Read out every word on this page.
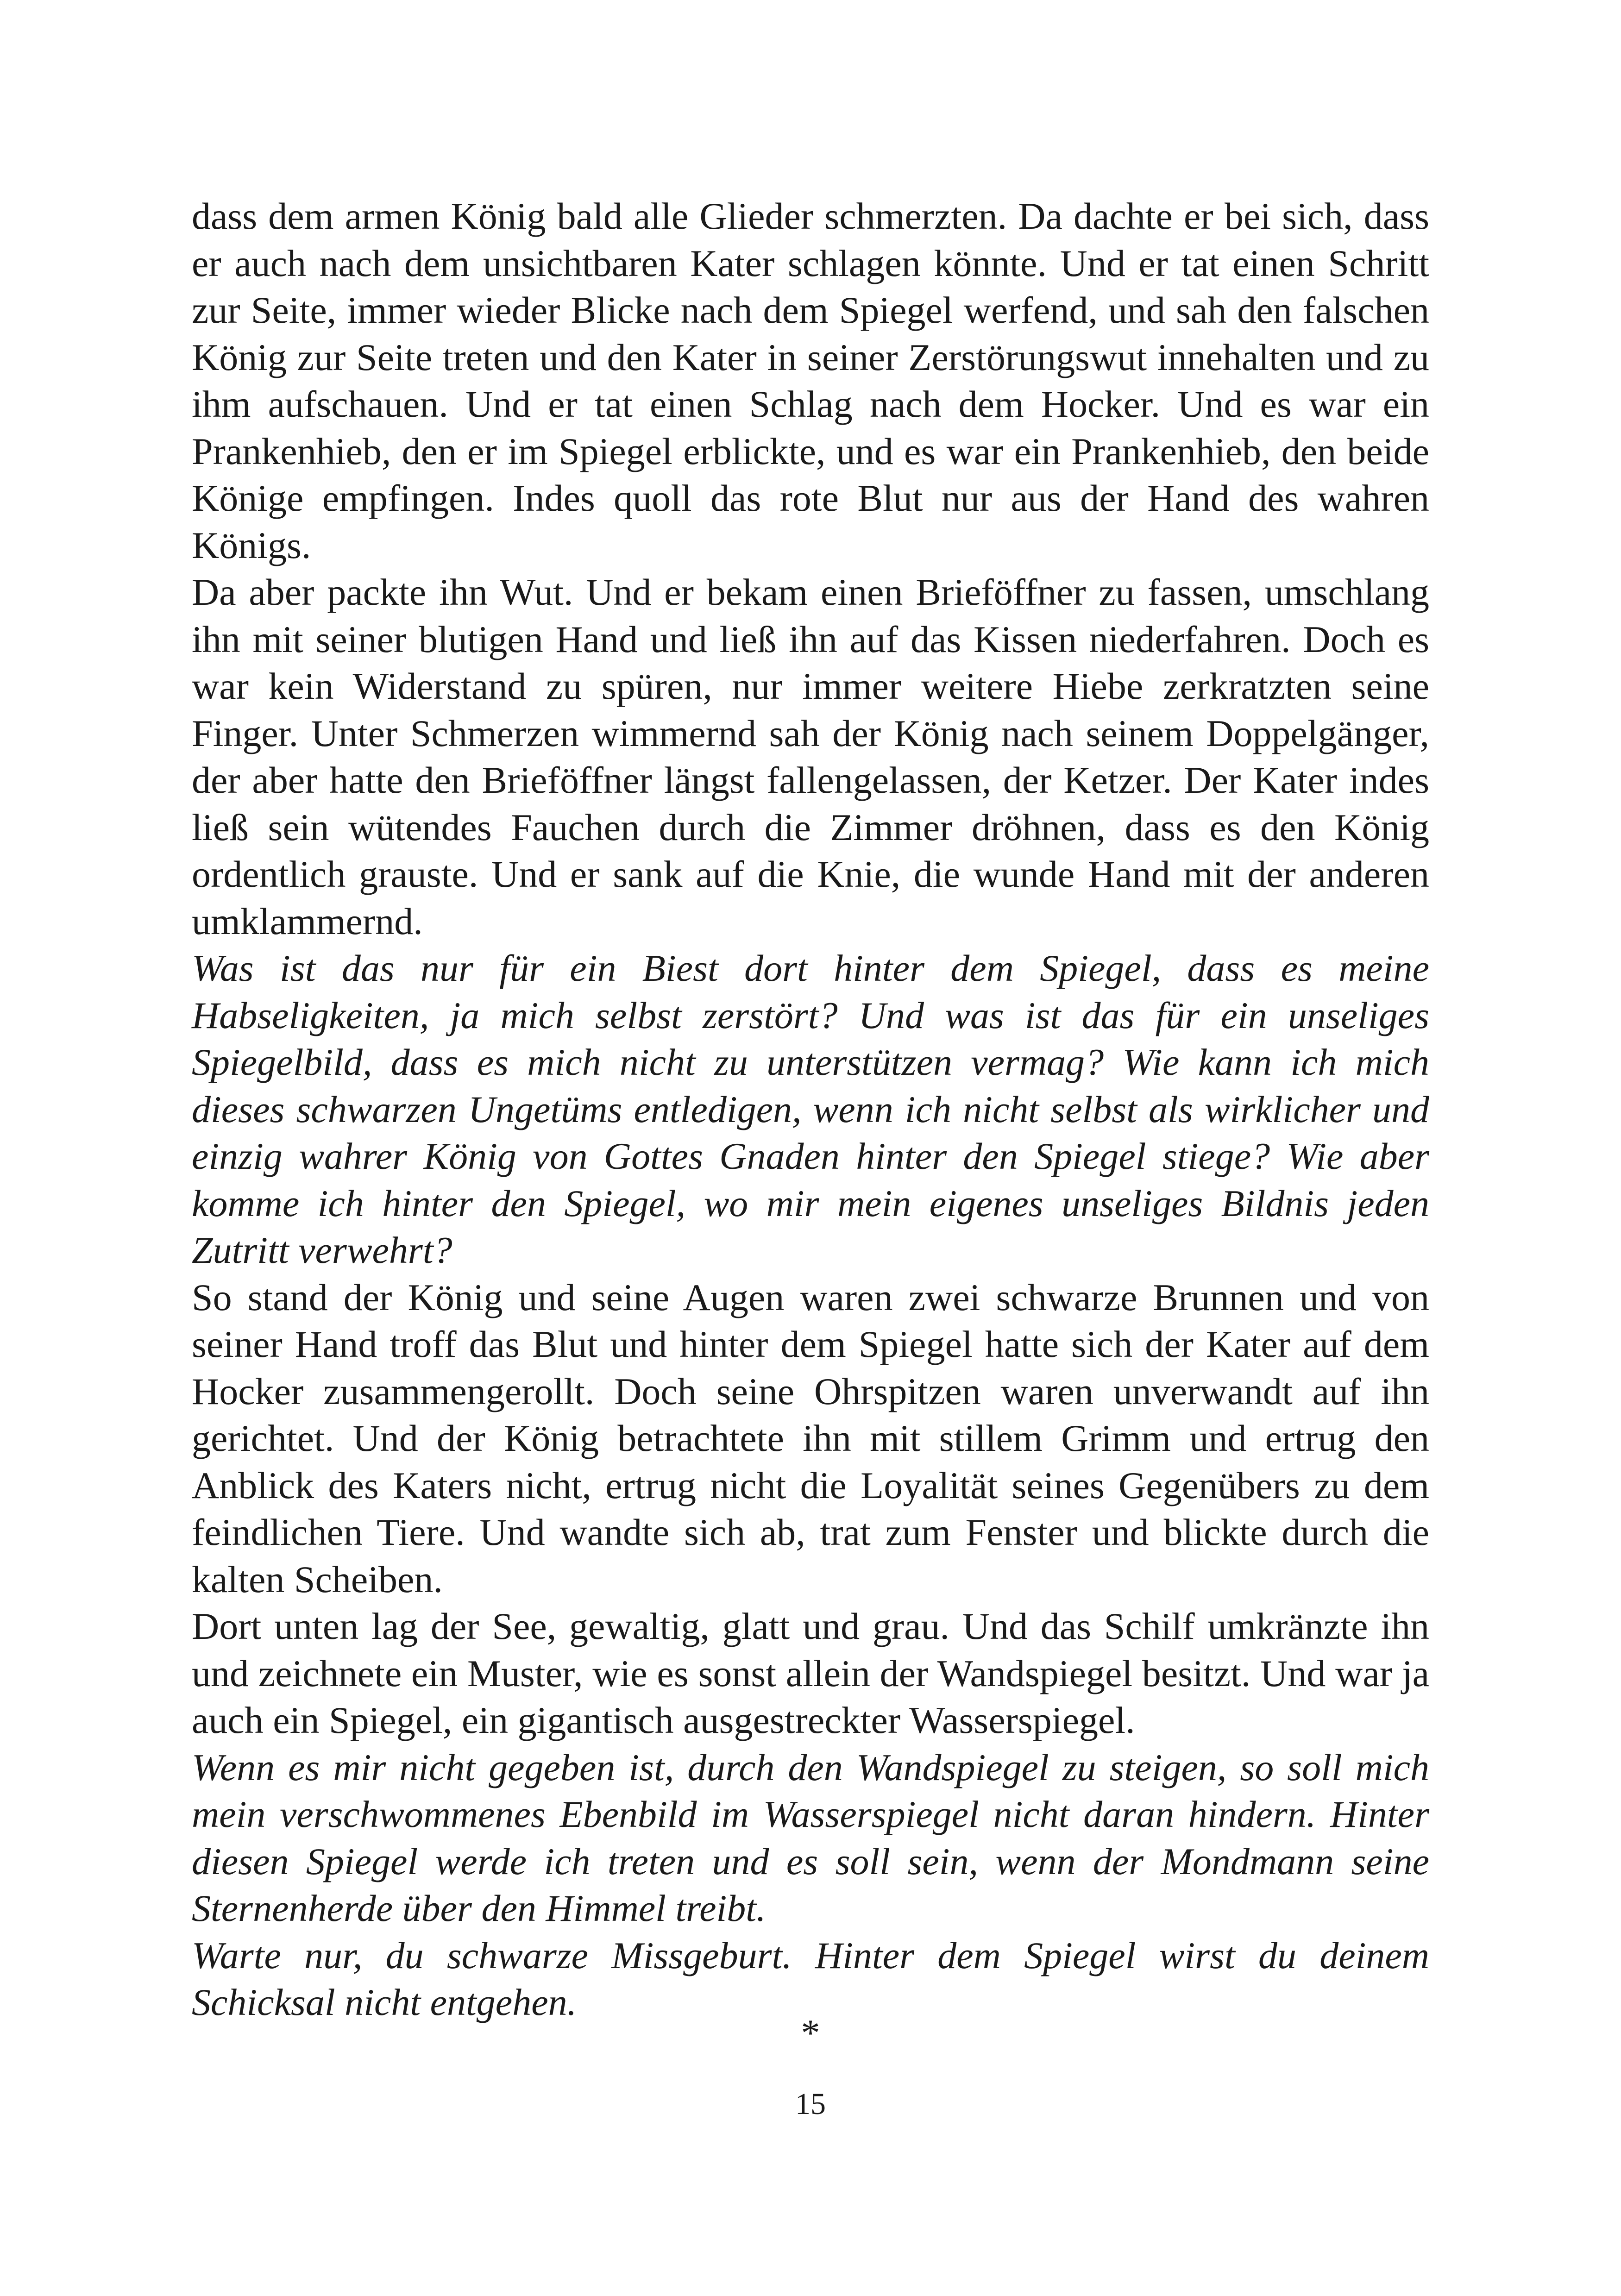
dass dem armen König bald alle Glieder schmerzten. Da dachte er bei sich, dass er auch nach dem unsichtbaren Kater schlagen könnte. Und er tat einen Schritt zur Seite, immer wieder Blicke nach dem Spiegel werfend, und sah den falschen König zur Seite treten und den Kater in seiner Zerstörungswut innehalten und zu ihm aufschauen. Und er tat einen Schlag nach dem Hocker. Und es war ein Prankenhieb, den er im Spiegel erblickte, und es war ein Prankenhieb, den beide Könige empfingen. Indes quoll das rote Blut nur aus der Hand des wahren Königs.

Da aber packte ihn Wut. Und er bekam einen Brieföffner zu fassen, umschlang ihn mit seiner blutigen Hand und ließ ihn auf das Kissen niederfahren. Doch es war kein Widerstand zu spüren, nur immer weitere Hiebe zerkratzten seine Finger. Unter Schmerzen wimmernd sah der König nach seinem Doppelgänger, der aber hatte den Brieföffner längst fallengelassen, der Ketzer. Der Kater indes ließ sein wütendes Fauchen durch die Zimmer dröhnen, dass es den König ordentlich grauste. Und er sank auf die Knie, die wunde Hand mit der anderen umklammernd.

Was ist das nur für ein Biest dort hinter dem Spiegel, dass es meine Habseligkeiten, ja mich selbst zerstört? Und was ist das für ein unseliges Spiegelbild, dass es mich nicht zu unterstützen vermag? Wie kann ich mich dieses schwarzen Ungetüms entledigen, wenn ich nicht selbst als wirklicher und einzig wahrer König von Gottes Gnaden hinter den Spiegel stiege? Wie aber komme ich hinter den Spiegel, wo mir mein eigenes unseliges Bildnis jeden Zutritt verwehrt?

So stand der König und seine Augen waren zwei schwarze Brunnen und von seiner Hand troff das Blut und hinter dem Spiegel hatte sich der Kater auf dem Hocker zusammengerollt. Doch seine Ohrspitzen waren unverwandt auf ihn gerichtet. Und der König betrachtete ihn mit stillem Grimm und ertrug den Anblick des Katers nicht, ertrug nicht die Loyalität seines Gegenübers zu dem feindlichen Tiere. Und wandte sich ab, trat zum Fenster und blickte durch die kalten Scheiben.

Dort unten lag der See, gewaltig, glatt und grau. Und das Schilf umkränzte ihn und zeichnete ein Muster, wie es sonst allein der Wandspiegel besitzt. Und war ja auch ein Spiegel, ein gigantisch ausgestreckter Wasserspiegel.

Wenn es mir nicht gegeben ist, durch den Wandspiegel zu steigen, so soll mich mein verschwommenes Ebenbild im Wasserspiegel nicht daran hindern. Hinter diesen Spiegel werde ich treten und es soll sein, wenn der Mondmann seine Sternenherde über den Himmel treibt.

Warte nur, du schwarze Missgeburt. Hinter dem Spiegel wirst du deinem Schicksal nicht entgehen.

*
15
